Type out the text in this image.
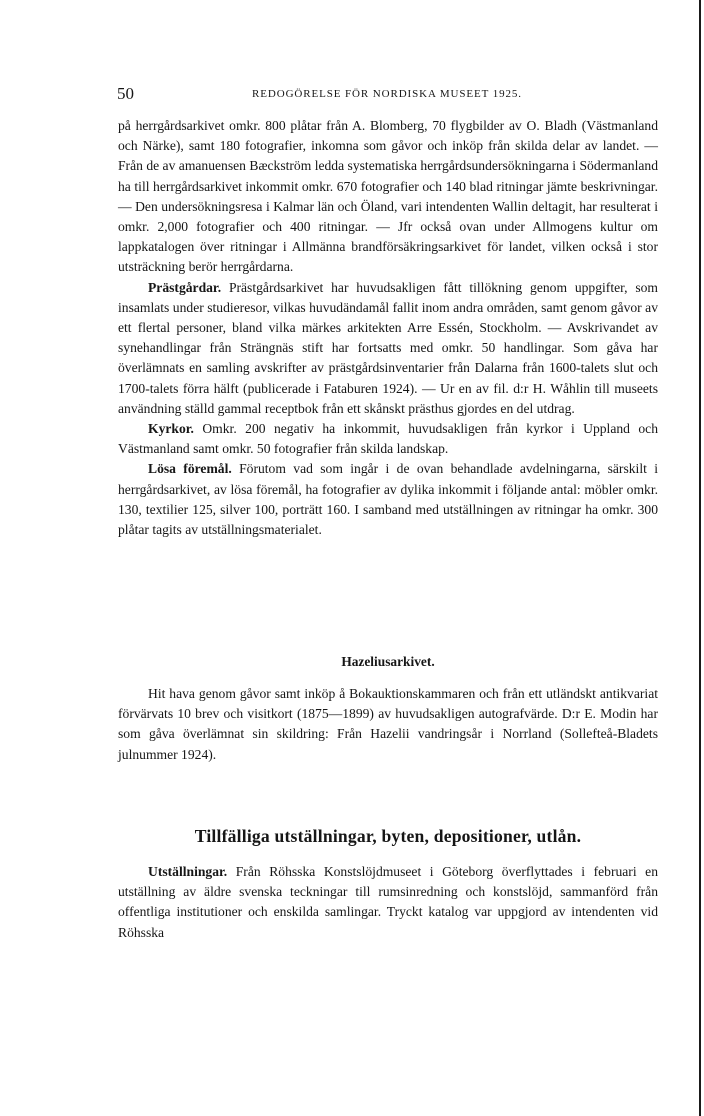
50	REDOGÖRELSE FÖR NORDISKA MUSEET 1925.

på herrgårdsarkivet omkr. 800 plåtar från A. Blomberg, 70 flygbilder av O. Bladh (Västmanland och Närke), samt 180 fotografier, inkomna som gåvor och inköp från skilda delar av landet. — Från de av amanuensen Bæckström ledda systematiska herrgårdsundersökningarna i Södermanland ha till herrgårdsarkivet inkommit omkr. 670 fotografier och 140 blad ritningar jämte beskrivningar. — Den undersökningsresa i Kalmar län och Öland, vari intendenten Wallin deltagit, har resulterat i omkr. 2,000 fotografier och 400 ritningar. — Jfr också ovan under Allmogens kultur om lappkatalogen över ritningar i Allmänna brandförsäkringsarkivet för landet, vilken också i stor utsträckning berör herrgårdarna.

Prästgårdar. Prästgårdsarkivet har huvudsakligen fått tillökning genom uppgifter, som insamlats under studieresor, vilkas huvudändamål fallit inom andra områden, samt genom gåvor av ett flertal personer, bland vilka märkes arkitekten Arre Essén, Stockholm. — Avskrivandet av synehandlingar från Strängnäs stift har fortsatts med omkr. 50 handlingar. Som gåva har överlämnats en samling avskrifter av prästgårdsinventarier från Dalarna från 1600-talets slut och 1700-talets förra hälft (publicerade i Fataburen 1924). — Ur en av fil. d:r H. Wåhlin till museets användning ställd gammal receptbok från ett skånskt prästhus gjordes en del utdrag.

Kyrkor. Omkr. 200 negativ ha inkommit, huvudsakligen från kyrkor i Uppland och Västmanland samt omkr. 50 fotografier från skilda landskap.

Lösa föremål. Förutom vad som ingår i de ovan behandlade avdelningarna, särskilt i herrgårdsarkivet, av lösa föremål, ha fotografier av dylika inkommit i följande antal: möbler omkr. 130, textilier 125, silver 100, porträtt 160. I samband med utställningen av ritningar ha omkr. 300 plåtar tagits av utställningsmaterialet.

Hazeliusarkivet.

Hit hava genom gåvor samt inköp å Bokauktionskammaren och från ett utländskt antikvariat förvärvats 10 brev och visitkort (1875—1899) av huvudsakligen autografvärde. D:r E. Modin har som gåva överlämnat sin skildring: Från Hazelii vandringsår i Norrland (Sollefteå-Bladets julnummer 1924).

Tillfälliga utställningar, byten, depositioner, utlån.

Utställningar. Från Röhsska Konstslöjdmuseet i Göteborg överflyttades i februari en utställning av äldre svenska teckningar till rumsinredning och konstslöjd, sammanförd från offentliga institutioner och enskilda samlingar. Tryckt katalog var uppgjord av intendenten vid Röhsska
